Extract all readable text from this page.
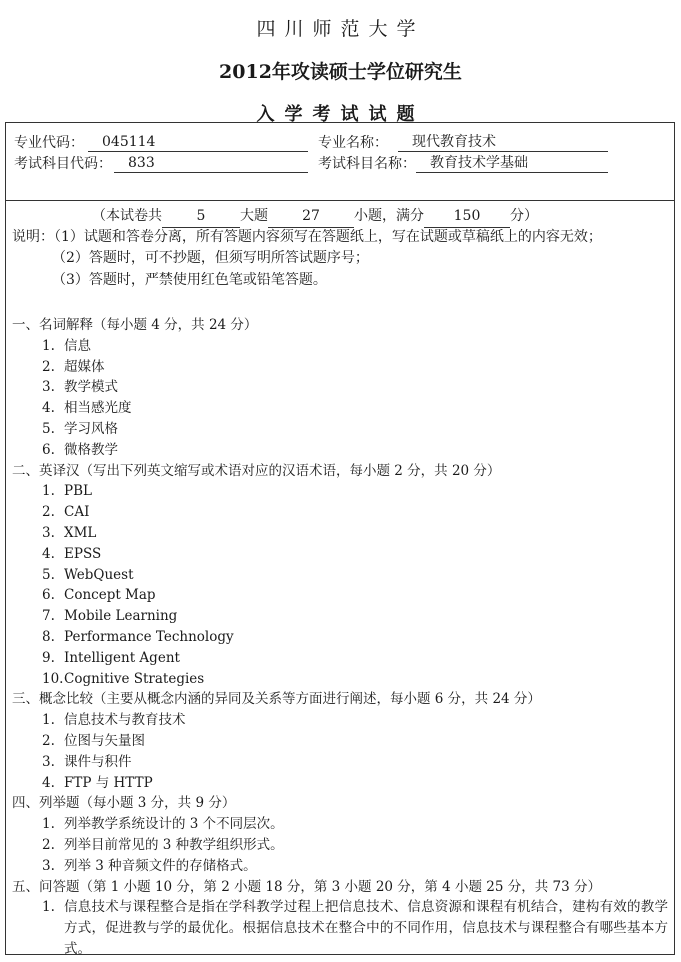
四川师范大学
2012年攻读硕士学位研究生
入学考试试题
专业代码：	045114	专业名称：	现代教育技术
考试科目代码：	833	考试科目名称：	教育技术学基础
（本试卷共 5 大题 27 小题，满分 150 分）
说明：（1）试题和答卷分离，所有答题内容须写在答题纸上，写在试题或草稿纸上的内容无效；
（2）答题时，可不抄题，但须写明所答试题序号；
（3）答题时，严禁使用红色笔或铅笔答题。
一、名词解释（每小题 4 分，共 24 分）
1. 信息
2. 超媒体
3. 教学模式
4. 相当感光度
5. 学习风格
6. 微格教学
二、英译汉（写出下列英文缩写或术语对应的汉语术语，每小题 2 分，共 20 分）
1. PBL
2. CAI
3. XML
4. EPSS
5. WebQuest
6. Concept Map
7. Mobile Learning
8. Performance Technology
9. Intelligent Agent
10. Cognitive Strategies
三、概念比较（主要从概念内涵的异同及关系等方面进行阐述，每小题 6 分，共 24 分）
1. 信息技术与教育技术
2. 位图与矢量图
3. 课件与积件
4. FTP 与 HTTP
四、列举题（每小题 3 分，共 9 分）
1. 列举教学系统设计的 3 个不同层次。
2. 列举目前常见的 3 种教学组织形式。
3. 列举 3 种音频文件的存储格式。
五、问答题（第 1 小题 10 分，第 2 小题 18 分，第 3 小题 20 分，第 4 小题 25 分，共 73 分）
1. 信息技术与课程整合是指在学科教学过程上把信息技术、信息资源和课程有机结合，建构有效的教学方式，促进教与学的最优化。根据信息技术在整合中的不同作用，信息技术与课程整合有哪些基本方式。
